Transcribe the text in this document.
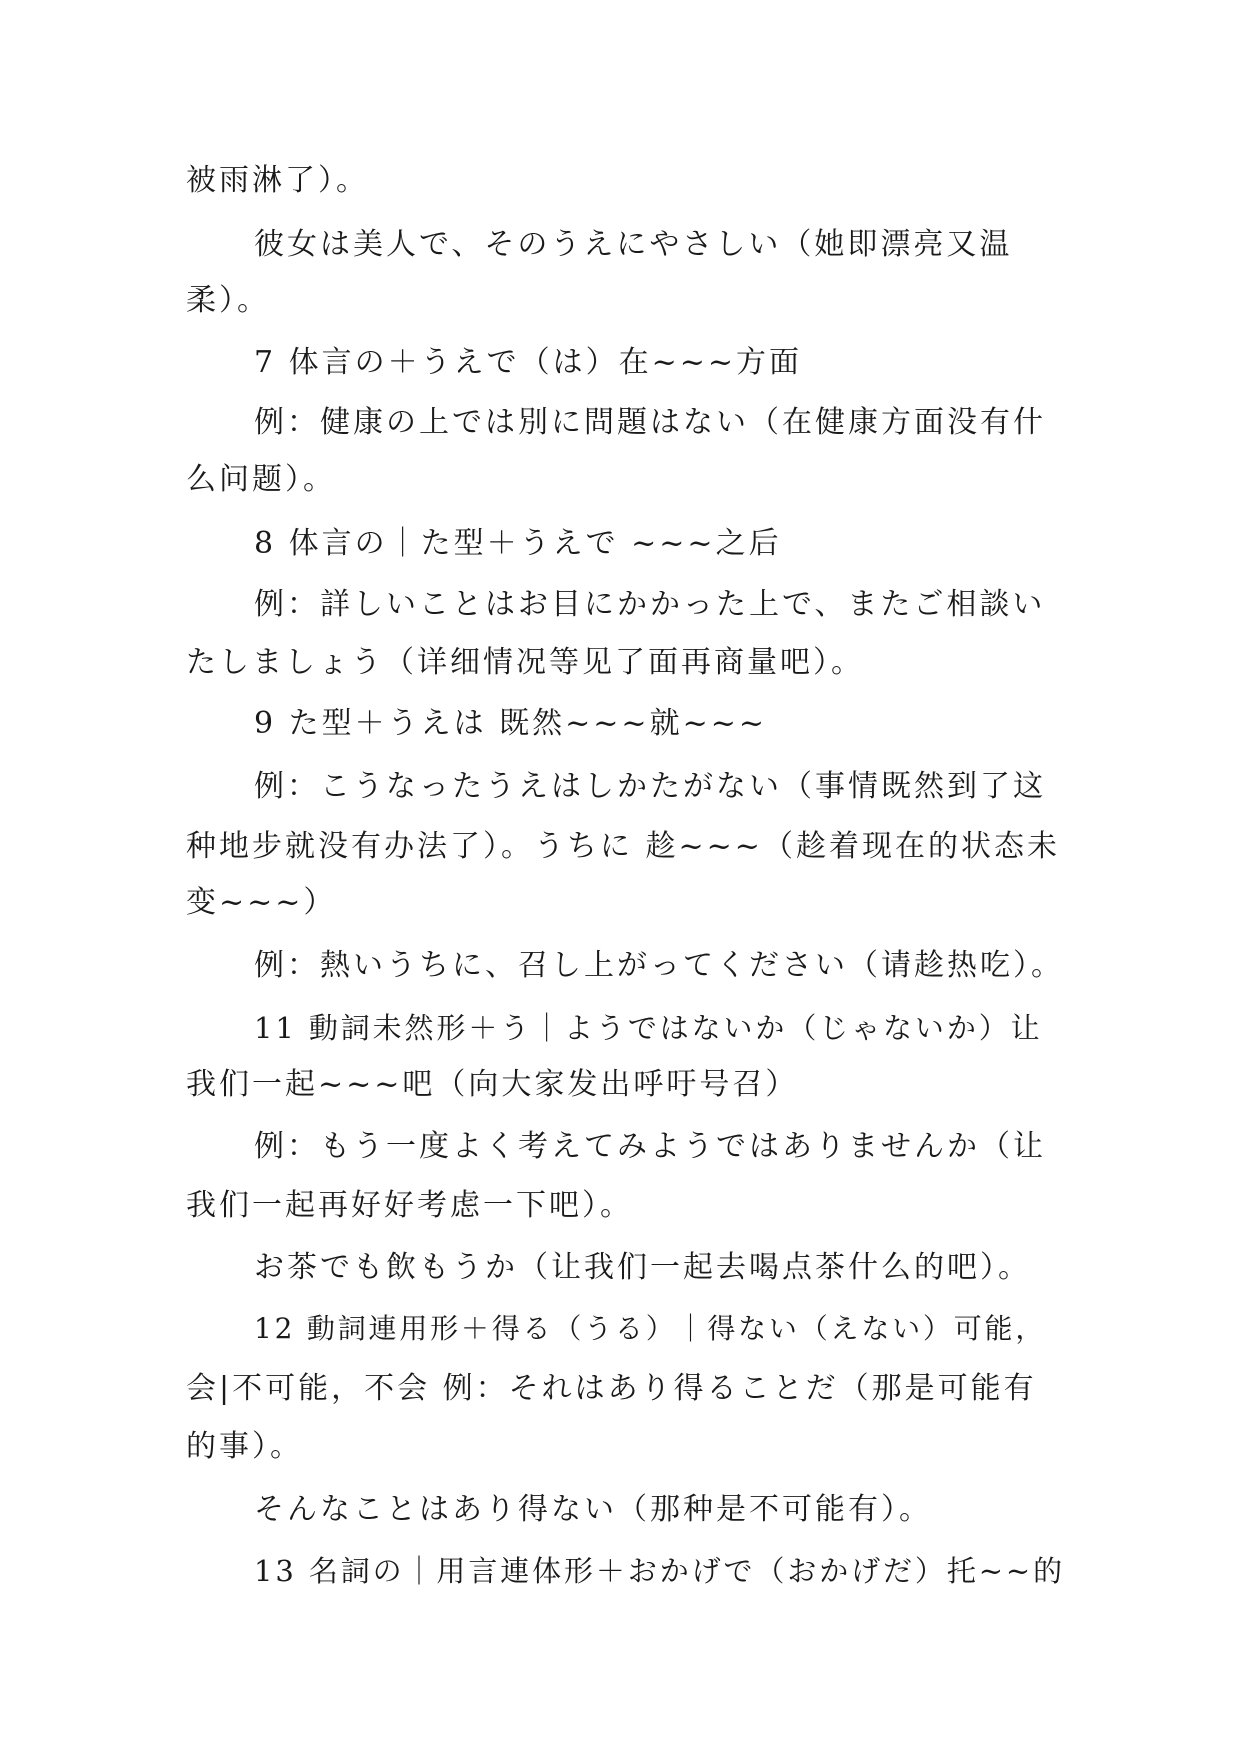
被雨淋了）。
彼女は美人で、そのうえにやさしい（她即漂亮又温
柔）。
7 体言の＋うえで（は）在~~~方面
例：健康の上では別に問題はない（在健康方面没有什
么问题）。
8 体言の｜た型＋うえで ~~~之后
例：詳しいことはお目にかかった上で、またご相談い
たしましょう（详细情况等见了面再商量吧）。
9 た型＋うえは 既然~~~就~~~
例：こうなったうえはしかたがない（事情既然到了这
种地步就没有办法了）。うちに 趁~~~（趁着现在的状态未
变~~~）
例：熱いうちに、召し上がってください（请趁热吃）。
11 動詞未然形＋う｜ようではないか（じゃないか）让
我们一起~~~吧（向大家发出呼吁号召）
例：もう一度よく考えてみようではありませんか（让
我们一起再好好考虑一下吧）。
お茶でも飲もうか（让我们一起去喝点茶什么的吧）。
12 動詞連用形＋得る（うる）｜得ない（えない）可能，
会|不可能，不会 例：それはあり得ることだ（那是可能有
的事）。
そんなことはあり得ない（那种是不可能有）。
13 名詞の｜用言連体形＋おかげで（おかげだ）托~~的
